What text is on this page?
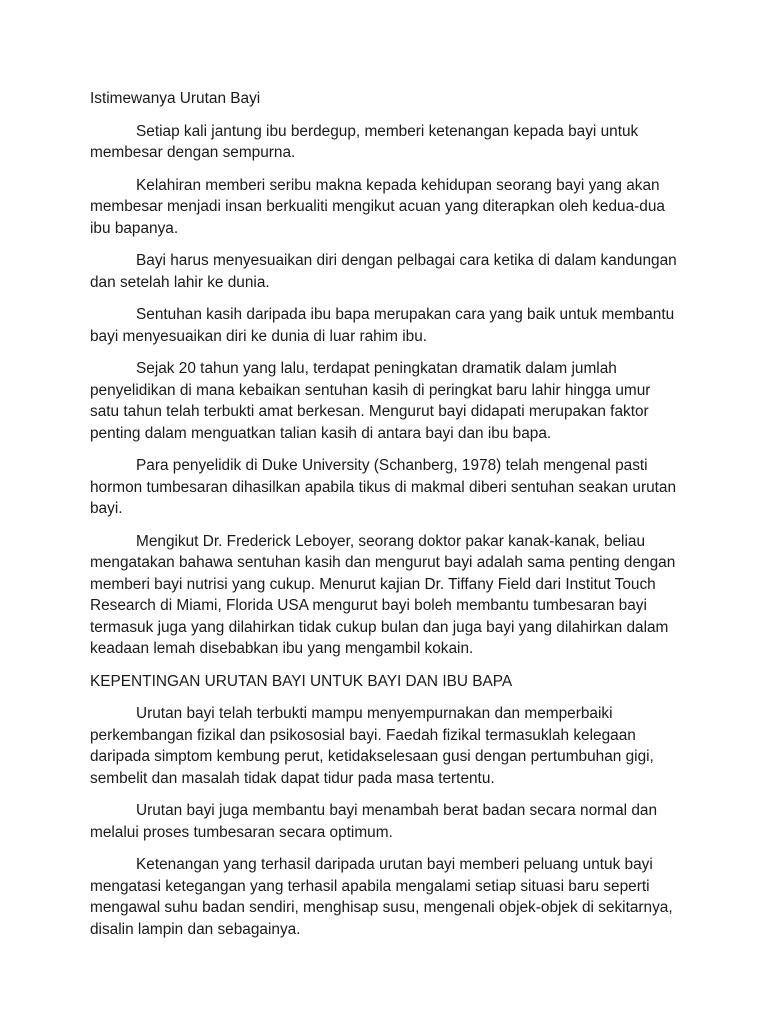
Istimewanya Urutan Bayi

Setiap kali jantung ibu berdegup, memberi ketenangan kepada bayi untuk membesar dengan sempurna.

Kelahiran memberi seribu makna kepada kehidupan seorang bayi yang akan membesar menjadi insan berkualiti mengikut acuan yang diterapkan oleh kedua-dua ibu bapanya.

Bayi harus menyesuaikan diri dengan pelbagai cara ketika di dalam kandungan dan setelah lahir ke dunia.

Sentuhan kasih daripada ibu bapa merupakan cara yang baik untuk membantu bayi menyesuaikan diri ke dunia di luar rahim ibu.

Sejak 20 tahun yang lalu, terdapat peningkatan dramatik dalam jumlah penyelidikan di mana kebaikan sentuhan kasih di peringkat baru lahir hingga umur satu tahun telah terbukti amat berkesan. Mengurut bayi didapati merupakan faktor penting dalam menguatkan talian kasih di antara bayi dan ibu bapa.

Para penyelidik di Duke University (Schanberg, 1978) telah mengenal pasti hormon tumbesaran dihasilkan apabila tikus di makmal diberi sentuhan seakan urutan bayi.

Mengikut Dr. Frederick Leboyer, seorang doktor pakar kanak-kanak, beliau mengatakan bahawa sentuhan kasih dan mengurut bayi adalah sama penting dengan memberi bayi nutrisi yang cukup. Menurut kajian Dr. Tiffany Field dari Institut Touch Research di Miami, Florida USA mengurut bayi boleh membantu tumbesaran bayi termasuk juga yang dilahirkan tidak cukup bulan dan juga bayi yang dilahirkan dalam keadaan lemah disebabkan ibu yang mengambil kokain.

KEPENTINGAN URUTAN BAYI UNTUK BAYI DAN IBU BAPA

Urutan bayi telah terbukti mampu menyempurnakan dan memperbaiki perkembangan fizikal dan psikososial bayi. Faedah fizikal termasuklah kelegaan daripada simptom kembung perut, ketidakselesaan gusi dengan pertumbuhan gigi, sembelit dan masalah tidak dapat tidur pada masa tertentu.

Urutan bayi juga membantu bayi menambah berat badan secara normal dan melalui proses tumbesaran secara optimum.

Ketenangan yang terhasil daripada urutan bayi memberi peluang untuk bayi mengatasi ketegangan yang terhasil apabila mengalami setiap situasi baru seperti mengawal suhu badan sendiri, menghisap susu, mengenali objek-objek di sekitarnya, disalin lampin dan sebagainya.
